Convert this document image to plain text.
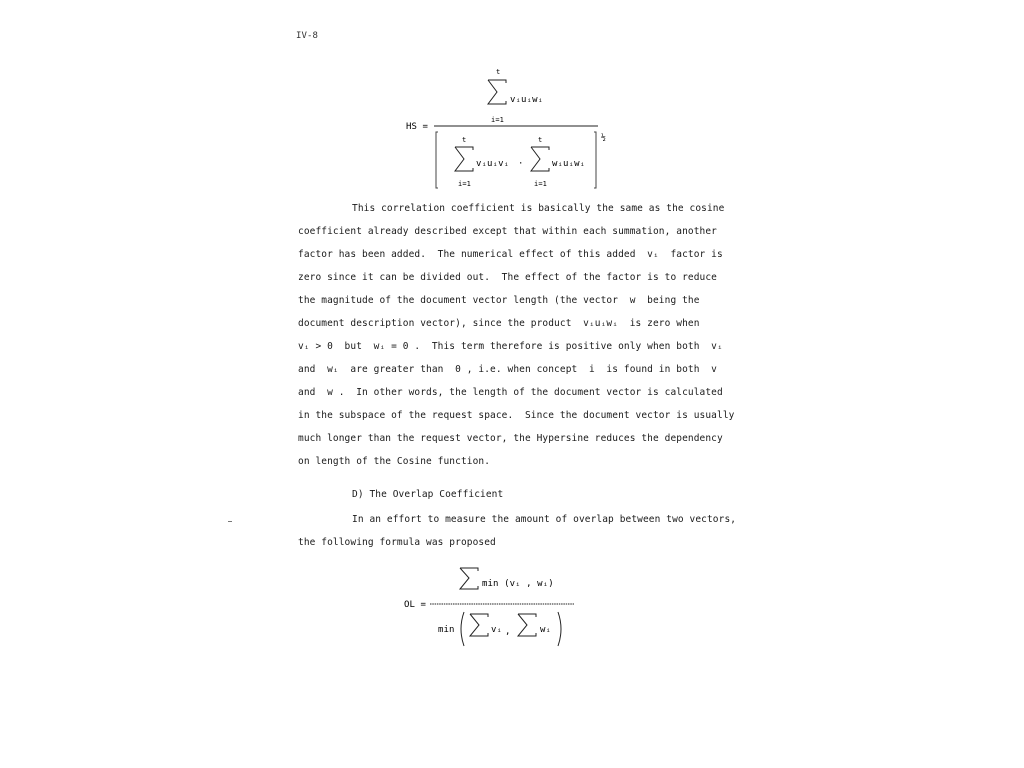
IV-8
t
vᵢuᵢwᵢ
i=1
HS =
½
t
vᵢuᵢvᵢ
i=1
·
t
wᵢuᵢwᵢ
i=1
This correlation coefficient is basically the same as the cosine
coefficient already described except that within each summation, another
factor has been added.  The numerical effect of this added  vᵢ  factor is
zero since it can be divided out.  The effect of the factor is to reduce
the magnitude of the document vector length (the vector  w  being the
document description vector), since the product  vᵢuᵢwᵢ  is zero when
vᵢ > 0  but  wᵢ = 0 .  This term therefore is positive only when both  vᵢ
and  wᵢ  are greater than  0 , i.e. when concept  i  is found in both  v
and  w .  In other words, the length of the document vector is calculated
in the subspace of the request space.  Since the document vector is usually
much longer than the request vector, the Hypersine reduces the dependency
on length of the Cosine function.
D) The Overlap Coefficient
In an effort to measure the amount of overlap between two vectors,
the following formula was proposed
min (vᵢ , wᵢ)
OL =
min	vᵢ ,	wᵢ
